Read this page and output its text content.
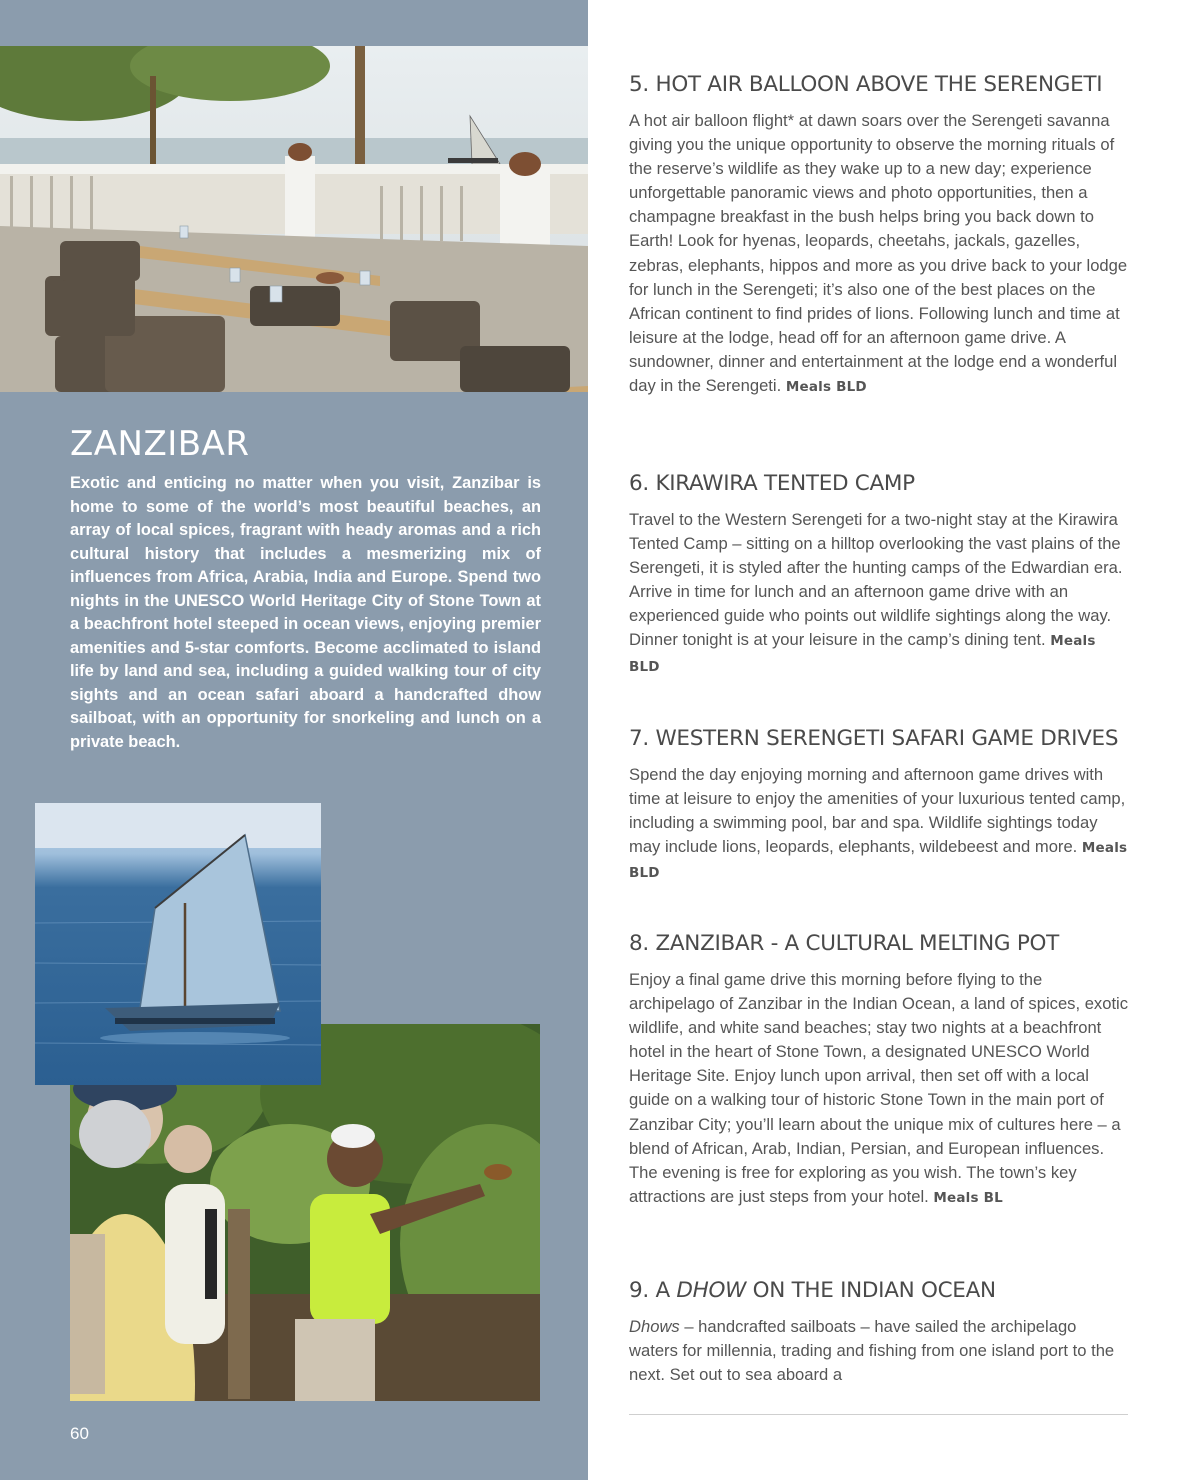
ZANZIBAR

Exotic and enticing no matter when you visit, Zanzibar is home to some of the world’s most beautiful beaches, an array of local spices, fragrant with heady aromas and a rich cultural history that includes a mesmerizing mix of influences from Africa, Arabia, India and Europe. Spend two nights in the UNESCO World Heritage City of Stone Town at a beachfront hotel steeped in ocean views, enjoying premier amenities and 5-star comforts. Become acclimated to island life by land and sea, including a guided walking tour of city sights and an ocean safari aboard a handcrafted dhow sailboat, with an opportunity for snorkeling and lunch on a private beach.

60
5. HOT AIR BALLOON ABOVE THE SERENGETI

A hot air balloon flight* at dawn soars over the Serengeti savanna giving you the unique opportunity to observe the morning rituals of the reserve’s wildlife as they wake up to a new day; experience unforgettable panoramic views and photo opportunities, then a champagne breakfast in the bush helps bring you back down to Earth! Look for hyenas, leopards, cheetahs, jackals, gazelles, zebras, elephants, hippos and more as you drive back to your lodge for lunch in the Serengeti; it’s also one of the best places on the African continent to find prides of lions. Following lunch and time at leisure at the lodge, head off for an afternoon game drive. A sundowner, dinner and entertainment at the lodge end a wonderful day in the Serengeti. Meals BLD

6. KIRAWIRA TENTED CAMP

Travel to the Western Serengeti for a two-night stay at the Kirawira Tented Camp – sitting on a hilltop overlooking the vast plains of the Serengeti, it is styled after the hunting camps of the Edwardian era. Arrive in time for lunch and an afternoon game drive with an experienced guide who points out wildlife sightings along the way. Dinner tonight is at your leisure in the camp’s dining tent. Meals BLD

7. WESTERN SERENGETI SAFARI GAME DRIVES

Spend the day enjoying morning and afternoon game drives with time at leisure to enjoy the amenities of your luxurious tented camp, including a swimming pool, bar and spa. Wildlife sightings today may include lions, leopards, elephants, wildebeest and more. Meals BLD

8. ZANZIBAR - A CULTURAL MELTING POT

Enjoy a final game drive this morning before flying to the archipelago of Zanzibar in the Indian Ocean, a land of spices, exotic wildlife, and white sand beaches; stay two nights at a beachfront hotel in the heart of Stone Town, a designated UNESCO World Heritage Site. Enjoy lunch upon arrival, then set off with a local guide on a walking tour of historic Stone Town in the main port of Zanzibar City; you’ll learn about the unique mix of cultures here – a blend of African, Arab, Indian, Persian, and European influences. The evening is free for exploring as you wish. The town’s key attractions are just steps from your hotel. Meals BL

9. A DHOW ON THE INDIAN OCEAN

Dhows – handcrafted sailboats – have sailed the archipelago waters for millennia, trading and fishing from one island port to the next. Set out to sea aboard a
